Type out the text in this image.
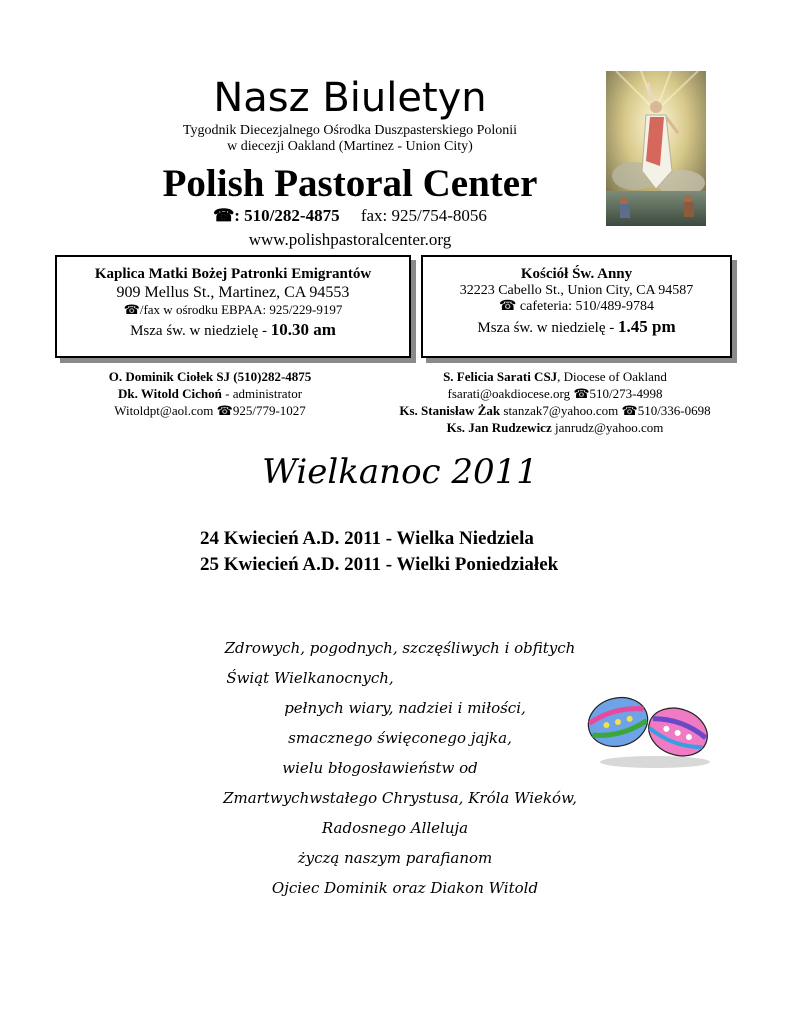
Nasz Biuletyn
Tygodnik Diecezjalnego Ośrodka Duszpasterskiego Polonii
w diecezji Oakland (Martinez - Union City)
Polish Pastoral Center
☎: 510/282-4875 fax: 925/754-8056
www.polishpastoralcenter.org
Kaplica Matki Bożej Patronki Emigrantów
909 Mellus St., Martinez, CA 94553
☎/fax w ośrodku EBPAA: 925/229-9197
Msza św. w niedzielę - 10.30 am
Kościół Św. Anny
32223 Cabello St., Union City, CA 94587
☎ cafeteria: 510/489-9784
Msza św. w niedzielę - 1.45 pm
O. Dominik Ciołek SJ (510)282-4875
Dk. Witold Cichoń - administrator
Witoldpt@aol.com ☎925/779-1027
S. Felicia Sarati CSJ, Diocese of Oakland
fsarati@oakdiocese.org ☎510/273-4998
Ks. Stanisław Żak stanzak7@yahoo.com ☎510/336-0698
Ks. Jan Rudzewicz janrudz@yahoo.com
Wielkanoc 2011
24 Kwiecień A.D. 2011 - Wielka Niedziela
25 Kwiecień A.D. 2011 - Wielki Poniedziałek
Zdrowych, pogodnych, szczęśliwych i obfitych
Świąt Wielkanocnych,
pełnych wiary, nadziei i miłości,
smacznego święconego jajka,
wielu błogosławieństw od
Zmartwychwstałego Chrystusa, Króla Wieków,
Radosnego Alleluja
życzą naszym parafianom
Ojciec Dominik oraz Diakon Witold
